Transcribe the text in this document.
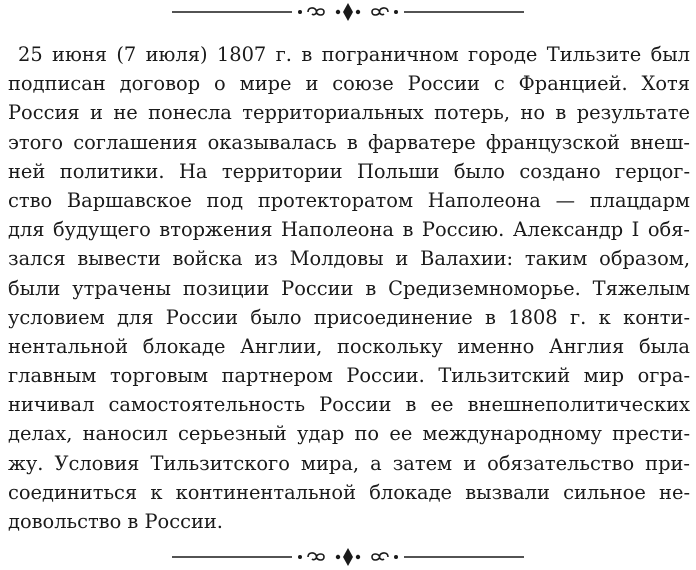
25 июня (7 июля) 1807 г. в пограничном городе Тильзите был
подписан договор о мире и союзе России с Францией. Хотя
Россия и не понесла территориальных потерь, но в результате
этого соглашения оказывалась в фарватере французской внеш-
ней политики. На территории Польши было создано герцог-
ство Варшавское под протекторатом Наполеона — плацдарм
для будущего вторжения Наполеона в Россию. Александр I обя-
зался вывести войска из Молдовы и Валахии: таким образом,
были утрачены позиции России в Средиземноморье. Тяжелым
условием для России было присоединение в 1808 г. к конти-
нентальной блокаде Англии, поскольку именно Англия была
главным торговым партнером России. Тильзитский мир огра-
ничивал самостоятельность России в ее внешнеполитических
делах, наносил серьезный удар по ее международному прести-
жу. Условия Тильзитского мира, а затем и обязательство при-
соединиться к континентальной блокаде вызвали сильное не-
довольство в России.
